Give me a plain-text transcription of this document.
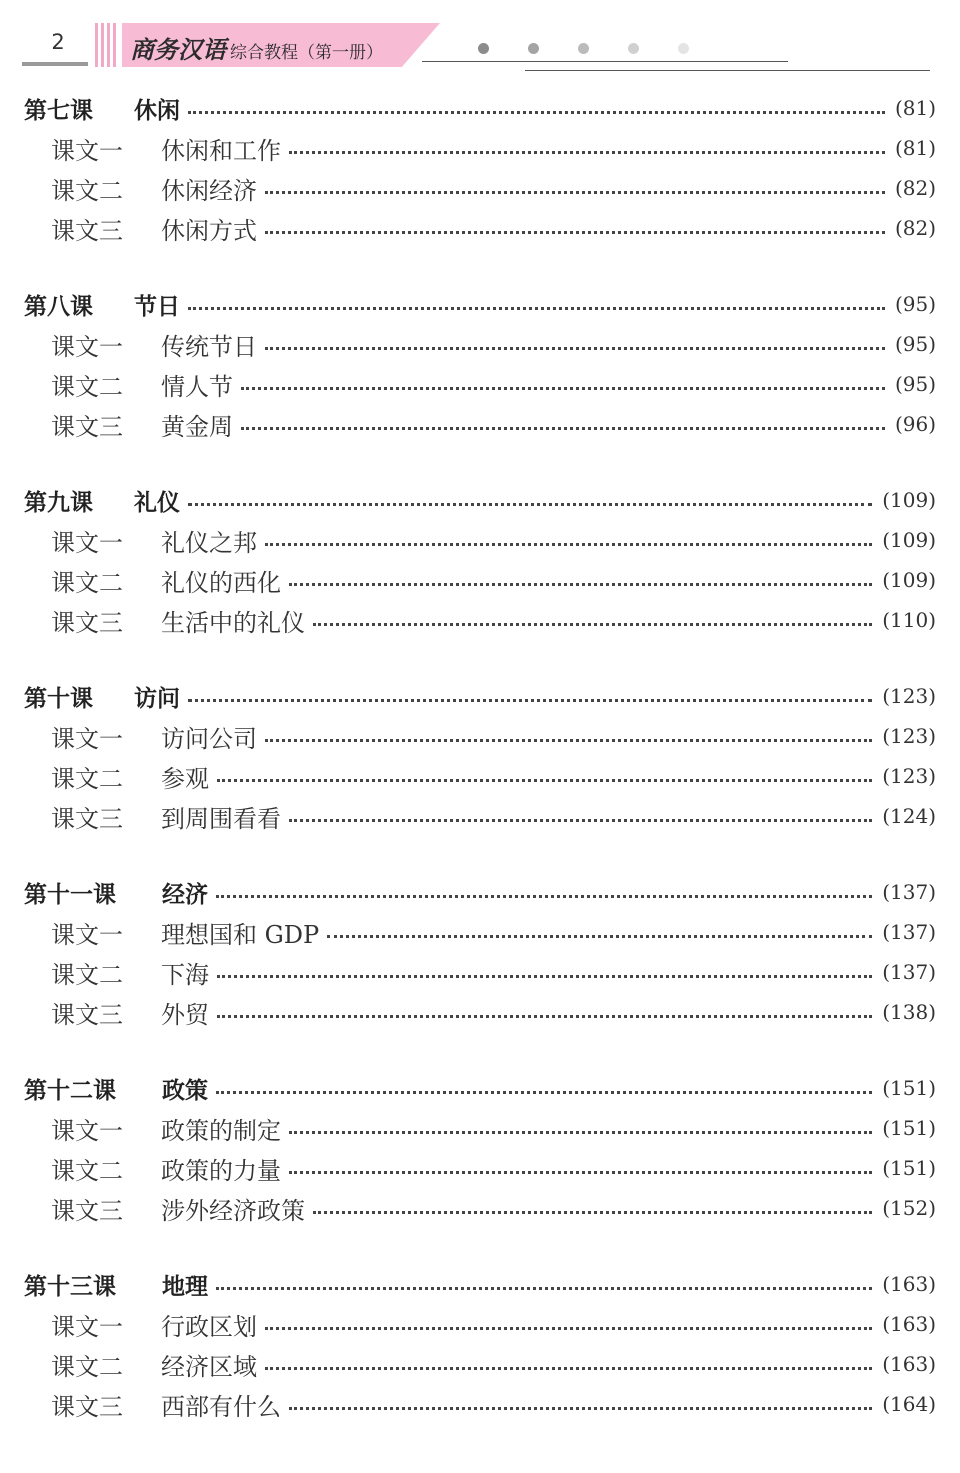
2	商务汉语 综合教程（第一册）
第七课	休闲	(81)
课文一	休闲和工作	(81)
课文二	休闲经济	(82)
课文三	休闲方式	(82)
第八课	节日	(95)
课文一	传统节日	(95)
课文二	情人节	(95)
课文三	黄金周	(96)
第九课	礼仪	(109)
课文一	礼仪之邦	(109)
课文二	礼仪的西化	(109)
课文三	生活中的礼仪	(110)
第十课	访问	(123)
课文一	访问公司	(123)
课文二	参观	(123)
课文三	到周围看看	(124)
第十一课	经济	(137)
课文一	理想国和 GDP	(137)
课文二	下海	(137)
课文三	外贸	(138)
第十二课	政策	(151)
课文一	政策的制定	(151)
课文二	政策的力量	(151)
课文三	涉外经济政策	(152)
第十三课	地理	(163)
课文一	行政区划	(163)
课文二	经济区域	(163)
课文三	西部有什么	(164)
